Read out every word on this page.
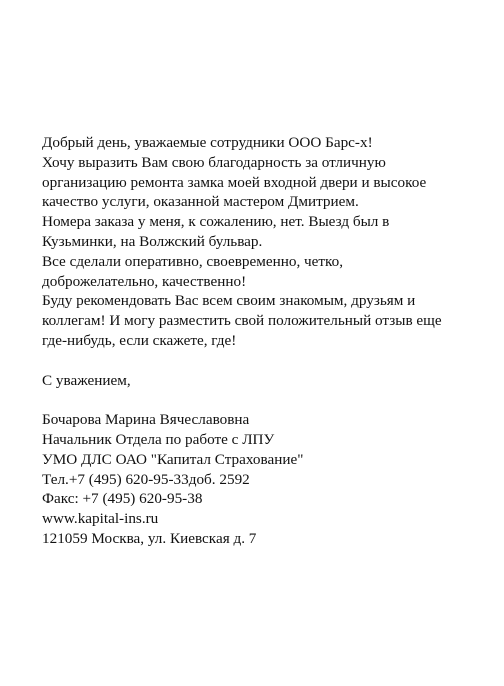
Добрый день, уважаемые сотрудники ООО Барс-х!
Хочу выразить Вам свою благодарность за отличную
организацию ремонта замка моей входной двери и высокое
качество услуги, оказанной мастером Дмитрием.
Номера заказа у меня, к сожалению, нет. Выезд был в
Кузьминки, на Волжский бульвар.
Все сделали оперативно, своевременно, четко,
доброжелательно, качественно!
Буду рекомендовать Вас всем своим знакомым, друзьям и
коллегам! И могу разместить свой положительный отзыв еще
где-нибудь, если скажете, где!
С уважением,
Бочарова Марина Вячеславовна
Начальник Отдела по работе с ЛПУ
УМО ДЛС ОАО "Капитал Страхование"
Тел.+7 (495) 620-95-33доб. 2592
Факс: +7 (495) 620-95-38
www.kapital-ins.ru
121059 Москва, ул. Киевская д. 7
